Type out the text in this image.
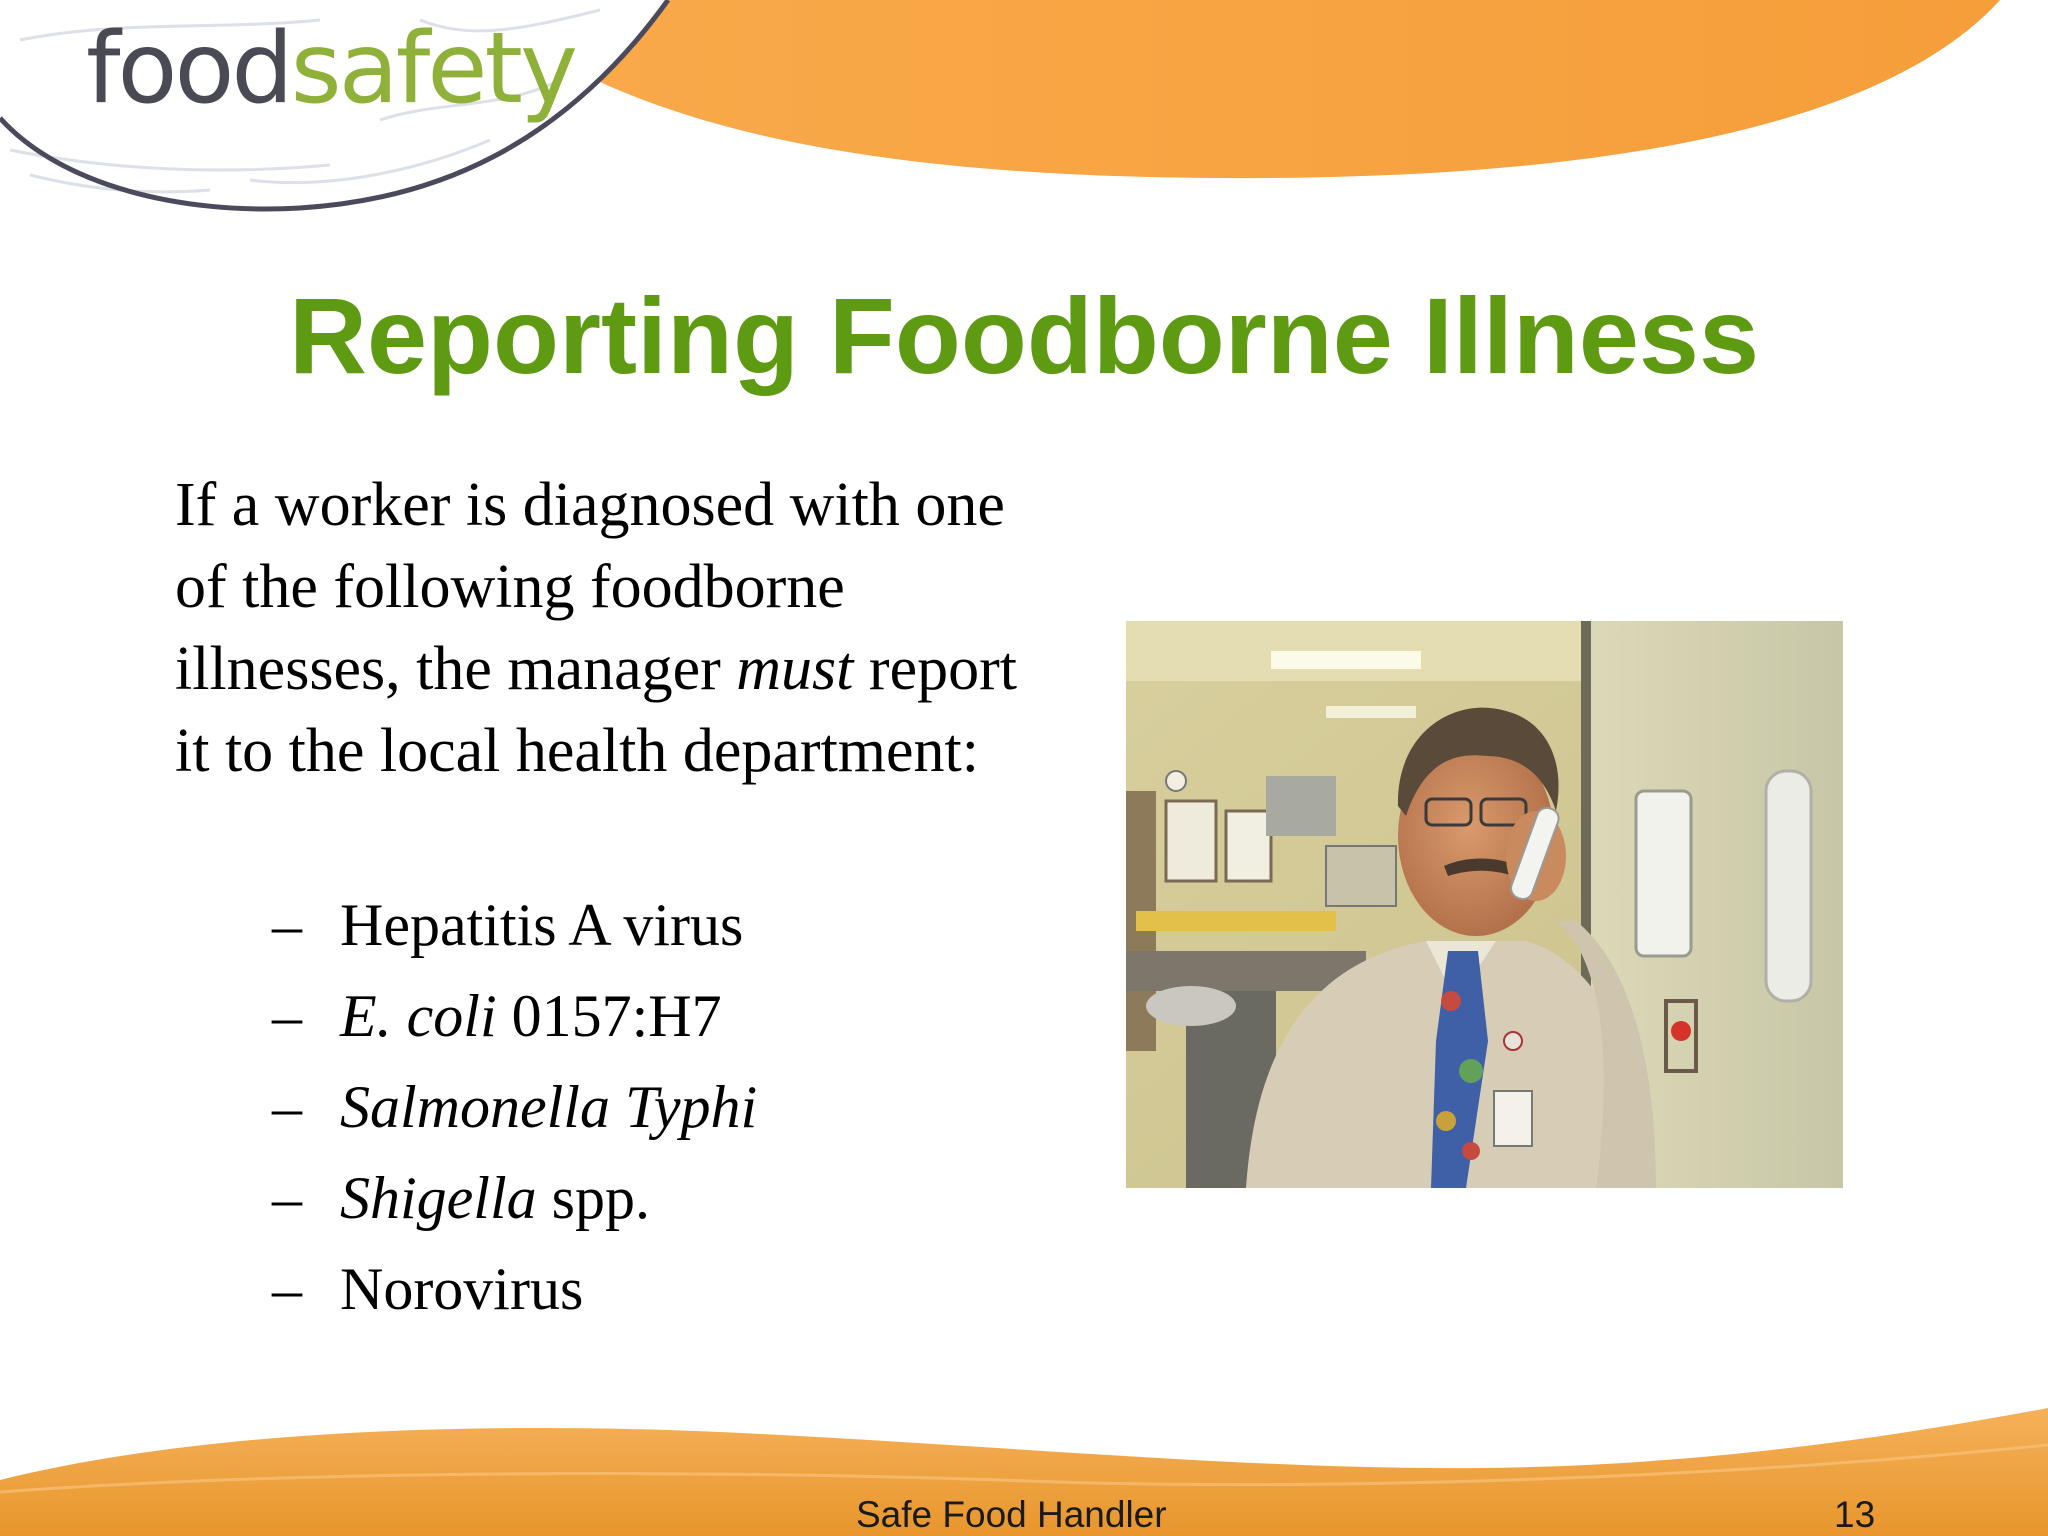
foodsafety
Reporting Foodborne Illness

If a worker is diagnosed with one of the following foodborne illnesses, the manager must report it to the local health department:

– Hepatitis A virus
– E. coli 0157:H7
– Salmonella Typhi
– Shigella spp.
– Norovirus
Safe Food Handler	13
